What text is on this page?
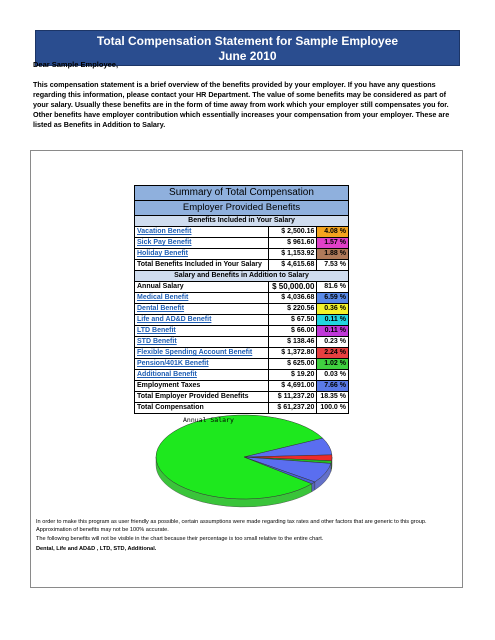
Total Compensation Statement for Sample Employee
June 2010
Dear Sample Employee,
This compensation statement is a brief overview of the benefits provided by your employer. If you have any questions regarding this information, please contact your HR Department. The value of some benefits may be considered as part of your salary. Usually these benefits are in the form of time away from work which your employer still compensates you for. Other benefits have employer contribution which essentially increases your compensation from your employer. These are listed as Benefits in Addition to Salary.
Summary of Total Compensation		
Employer Provided Benefits		
Benefits Included in Your Salary		
Vacation Benefit	$ 2,500.16	4.08 %
Sick Pay Benefit	$ 961.60	1.57 %
Holiday Benefit	$ 1,153.92	1.88 %
Total Benefits Included in Your Salary	$ 4,615.68	7.53 %
Salary and Benefits in Addition to Salary		
Annual Salary	$ 50,000.00	81.6 %
Medical Benefit	$ 4,036.68	6.59 %
Dental Benefit	$ 220.56	0.36 %
Life and AD&D Benefit	$ 67.50	0.11 %
LTD Benefit	$ 66.00	0.11 %
STD Benefit	$ 138.46	0.23 %
Flexible Spending Account Benefit	$ 1,372.80	2.24 %
Pension/401K Benefit	$ 625.00	1.02 %
Additional Benefit	$ 19.20	0.03 %
Employment Taxes	$ 4,691.00	7.66 %
Total Employer Provided Benefits	$ 11,237.20	18.35 %
Total Compensation	$ 61,237.20	100.0 %
Annual Salary

In order to make this program as user friendly as possible, certain assumptions were made regarding tax rates and other factors that are generic to this group. Approximation of benefits may not be 100% accurate.

The following benefits will not be visible in the chart because their percentage is too small relative to the entire chart.

Dental, Life and AD&D , LTD, STD, Additional.
